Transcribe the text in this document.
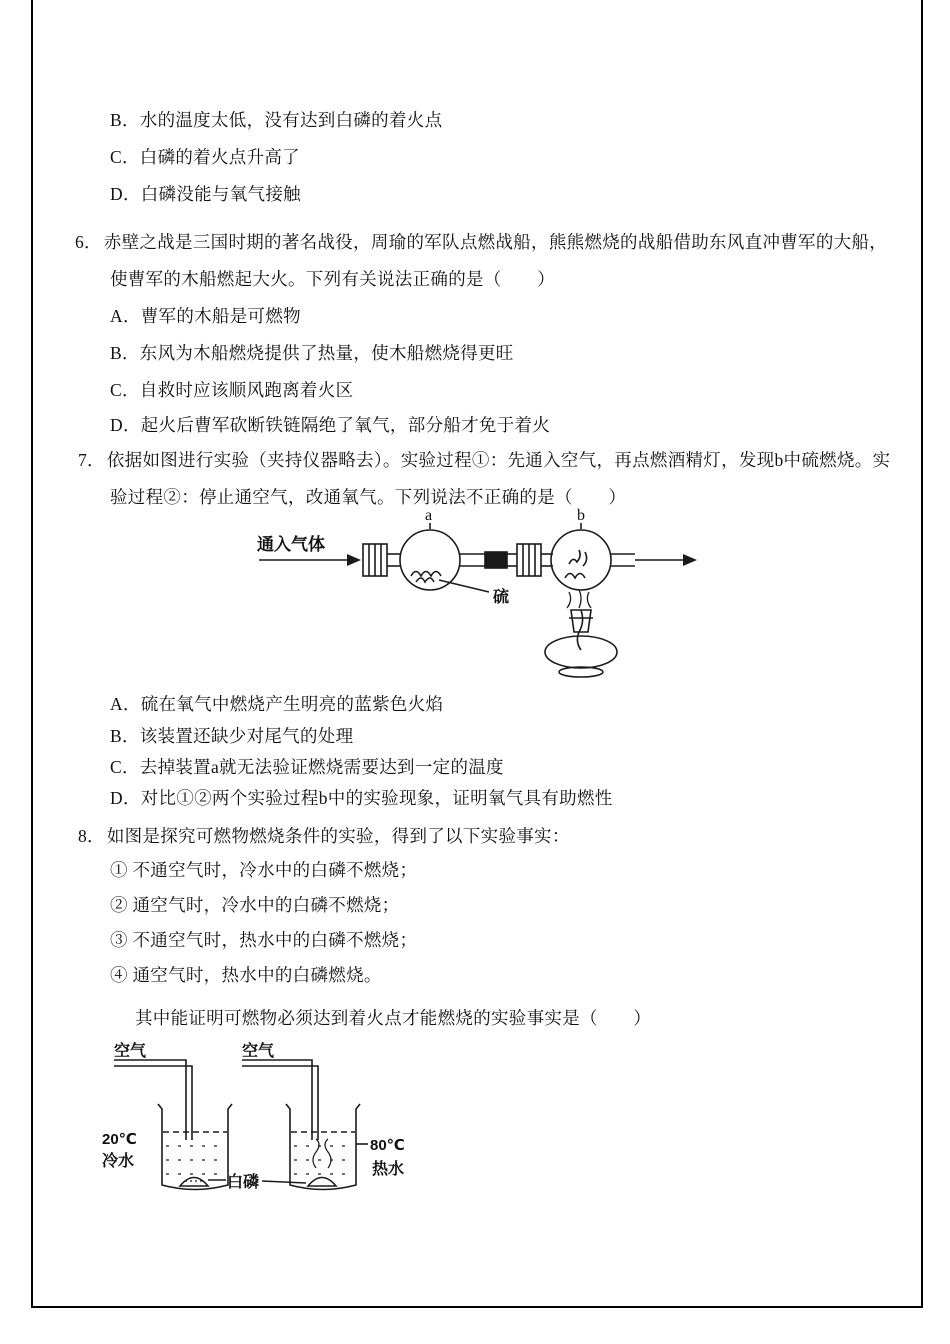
B．水的温度太低，没有达到白磷的着火点
C．白磷的着火点升高了
D．白磷没能与氧气接触
6． 赤壁之战是三国时期的著名战役，周瑜的军队点燃战船，熊熊燃烧的战船借助东风直冲曹军的大船，
使曹军的木船燃起大火。下列有关说法正确的是（　　）
A．曹军的木船是可燃物
B．东风为木船燃烧提供了热量，使木船燃烧得更旺
C．自救时应该顺风跑离着火区
D．起火后曹军砍断铁链隔绝了氧气，部分船才免于着火
7． 依据如图进行实验（夹持仪器略去）。实验过程①：先通入空气，再点燃酒精灯，发现b中硫燃烧。实
验过程②：停止通空气，改通氧气。下列说法不正确的是（　　）
通入气体
a	b
硫
A．硫在氧气中燃烧产生明亮的蓝紫色火焰
B．该装置还缺少对尾气的处理
C．去掉装置a就无法验证燃烧需要达到一定的温度
D．对比①②两个实验过程b中的实验现象，证明氧气具有助燃性
8． 如图是探究可燃物燃烧条件的实验，得到了以下实验事实：
① 不通空气时，冷水中的白磷不燃烧；
② 通空气时，冷水中的白磷不燃烧；
③ 不通空气时，热水中的白磷不燃烧；
④ 通空气时，热水中的白磷燃烧。
其中能证明可燃物必须达到着火点才能燃烧的实验事实是（　　）
空气	空气
20℃
冷水
白磷
80℃
热水
